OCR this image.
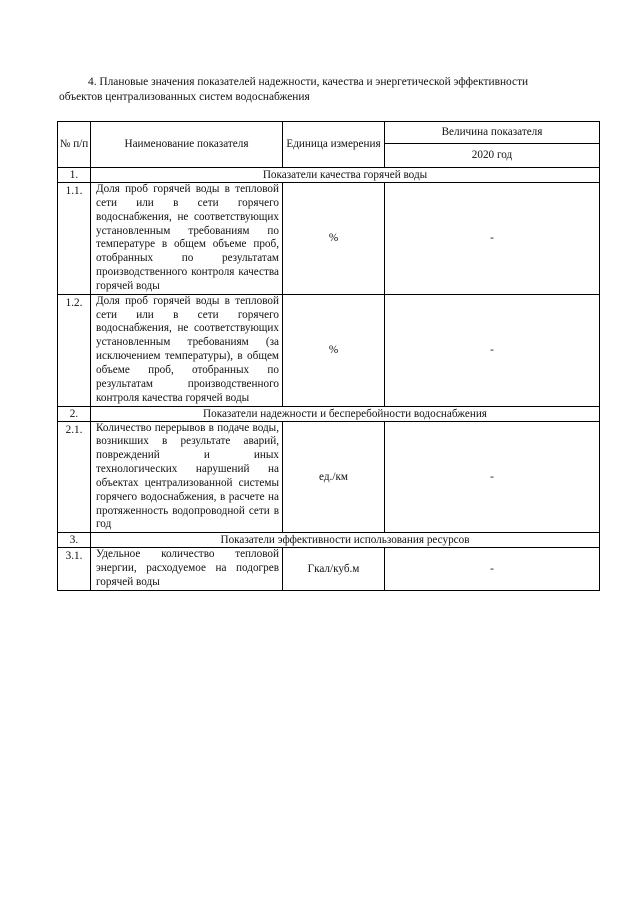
4. Плановые значения показателей надежности, качества и энергетической эффективности
объектов централизованных систем водоснабжения
№ п/п	Наименование показателя	Единица измерения	Величина показателя
			2020 год
1.	Показатели качества горячей воды		
1.1.	Доля проб горячей воды в тепловой сети или в сети горячего водоснабжения, не соответствующих установленным требованиям по температуре в общем объеме проб, отобранных по результатам производственного контроля качества горячей воды	%	-
1.2.	Доля проб горячей воды в тепловой сети или в сети горячего водоснабжения, не соответствующих установленным требованиям (за исключением температуры), в общем объеме проб, отобранных по результатам производственного контроля качества горячей воды	%	-
2.	Показатели надежности и бесперебойности водоснабжения		
2.1.	Количество перерывов в подаче воды, возникших в результате аварий, повреждений и иных технологических нарушений на объектах централизованной системы горячего водоснабжения, в расчете на протяженность водопроводной сети в год	ед./км	-
3.	Показатели эффективности использования ресурсов		
3.1.	Удельное количество тепловой энергии, расходуемое на подогрев горячей воды	Гкал/куб.м	-
